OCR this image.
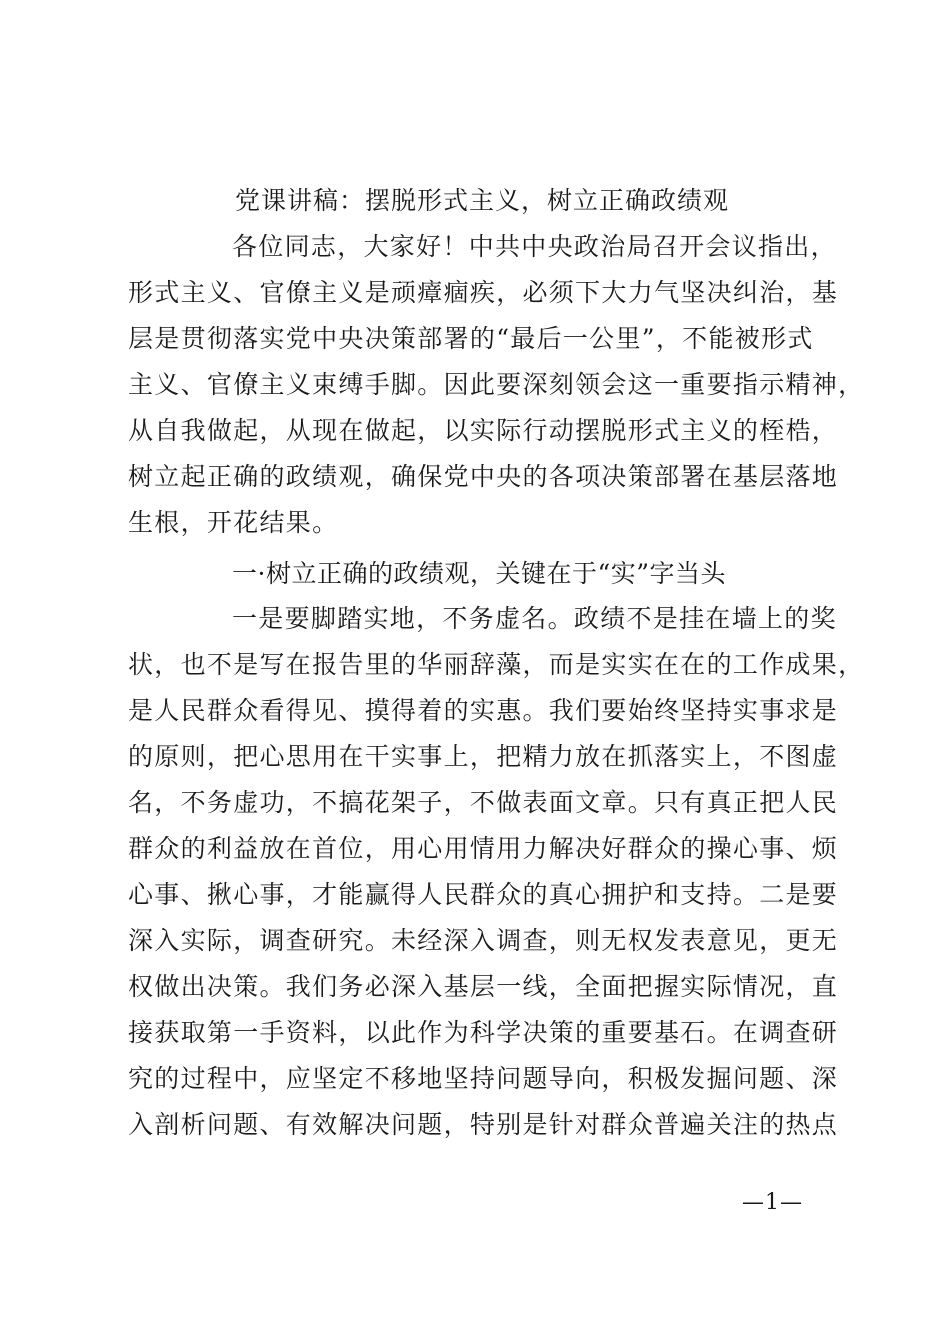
党课讲稿：摆脱形式主义，树立正确政绩观
各位同志，大家好！中共中央政治局召开会议指出，
形式主义、官僚主义是顽瘴痼疾，必须下大力气坚决纠治，基
层是贯彻落实党中央决策部署的“最后一公里”，不能被形式
主义、官僚主义束缚手脚。因此要深刻领会这一重要指示精神，
从自我做起，从现在做起，以实际行动摆脱形式主义的桎梏，
树立起正确的政绩观，确保党中央的各项决策部署在基层落地
生根，开花结果。
一·树立正确的政绩观，关键在于“实”字当头
一是要脚踏实地，不务虚名。政绩不是挂在墙上的奖
状，也不是写在报告里的华丽辞藻，而是实实在在的工作成果，
是人民群众看得见、摸得着的实惠。我们要始终坚持实事求是
的原则，把心思用在干实事上，把精力放在抓落实上，不图虚
名，不务虚功，不搞花架子，不做表面文章。只有真正把人民
群众的利益放在首位，用心用情用力解决好群众的操心事、烦
心事、揪心事，才能赢得人民群众的真心拥护和支持。二是要
深入实际，调查研究。未经深入调查，则无权发表意见，更无
权做出决策。我们务必深入基层一线，全面把握实际情况，直
接获取第一手资料，以此作为科学决策的重要基石。在调查研
究的过程中，应坚定不移地坚持问题导向，积极发掘问题、深
入剖析问题、有效解决问题，特别是针对群众普遍关注的热点
—1—
